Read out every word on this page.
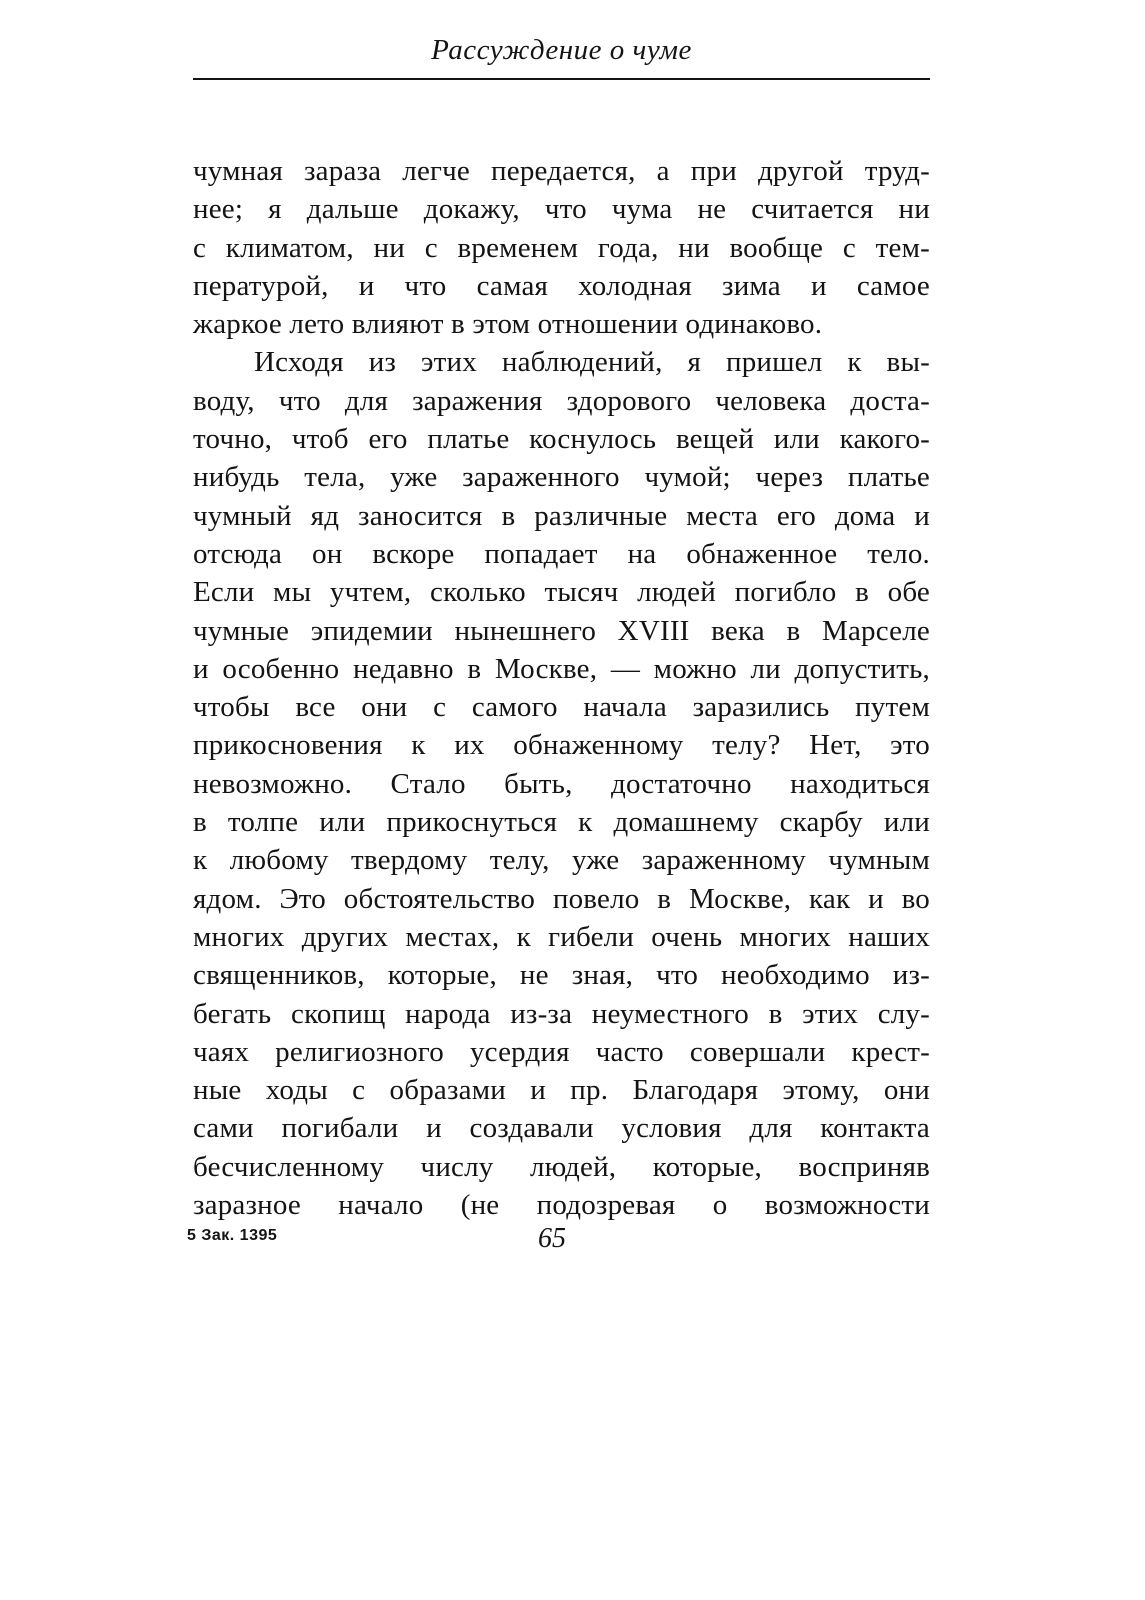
Рассуждение о чуме
чумная зараза легче передается, а при другой труд-
нее; я дальше докажу, что чума не считается ни
с климатом, ни с временем года, ни вообще с тем-
пературой, и что самая холодная зима и самое
жаркое лето влияют в этом отношении одинаково.
Исходя из этих наблюдений, я пришел к вы-
воду, что для заражения здорового человека доста-
точно, чтоб его платье коснулось вещей или какого-
нибудь тела, уже зараженного чумой; через платье
чумный яд заносится в различные места его дома и
отсюда он вскоре попадает на обнаженное тело.
Если мы учтем, сколько тысяч людей погибло в обе
чумные эпидемии нынешнего XVIII века в Марселе
и особенно недавно в Москве, — можно ли допустить,
чтобы все они с самого начала заразились путем
прикосновения к их обнаженному телу? Нет, это
невозможно. Стало быть, достаточно находиться
в толпе или прикоснуться к домашнему скарбу или
к любому твердому телу, уже зараженному чумным
ядом. Это обстоятельство повело в Москве, как и во
многих других местах, к гибели очень многих наших
священников, которые, не зная, что необходимо из-
бегать скопищ народа из-за неуместного в этих слу-
чаях религиозного усердия часто совершали крест-
ные ходы с образами и пр. Благодаря этому, они
сами погибали и создавали условия для контакта
бесчисленному числу людей, которые, восприняв
заразное начало (не подозревая о возможности
5 Зак. 1395	65
